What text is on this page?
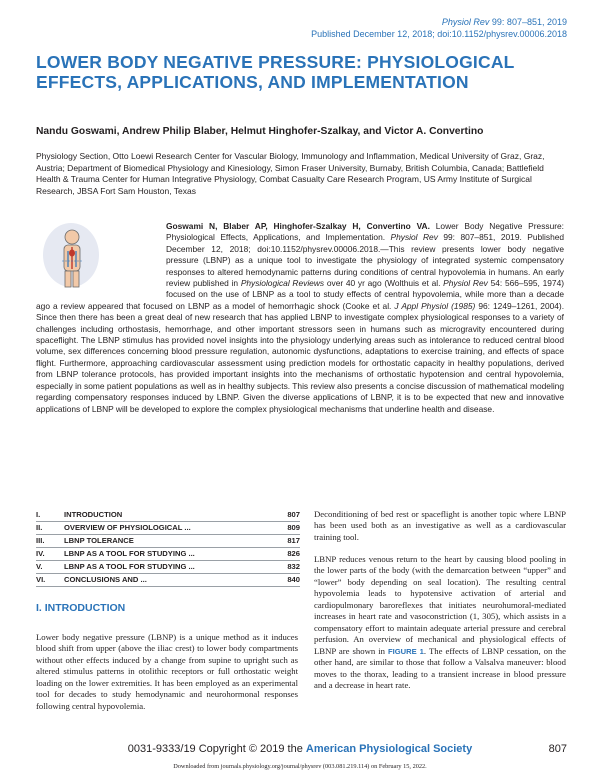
Physiol Rev 99: 807–851, 2019
Published December 12, 2018; doi:10.1152/physrev.00006.2018
LOWER BODY NEGATIVE PRESSURE: PHYSIOLOGICAL EFFECTS, APPLICATIONS, AND IMPLEMENTATION
Nandu Goswami, Andrew Philip Blaber, Helmut Hinghofer-Szalkay, and Victor A. Convertino
Physiology Section, Otto Loewi Research Center for Vascular Biology, Immunology and Inflammation, Medical University of Graz, Graz, Austria; Department of Biomedical Physiology and Kinesiology, Simon Fraser University, Burnaby, British Columbia, Canada; Battlefield Health & Trauma Center for Human Integrative Physiology, Combat Casualty Care Research Program, US Army Institute of Surgical Research, JBSA Fort Sam Houston, Texas
Goswami N, Blaber AP, Hinghofer-Szalkay H, Convertino VA. Lower Body Negative Pressure: Physiological Effects, Applications, and Implementation. Physiol Rev 99: 807–851, 2019. Published December 12, 2018; doi:10.1152/physrev.00006.2018.—This review presents lower body negative pressure (LBNP) as a unique tool to investigate the physiology of integrated systemic compensatory responses to altered hemodynamic patterns during conditions of central hypovolemia in humans. An early review published in Physiological Reviews over 40 yr ago (Wolthuis et al. Physiol Rev 54: 566–595, 1974) focused on the use of LBNP as a tool to study effects of central hypovolemia, while more than a decade ago a review appeared that focused on LBNP as a model of hemorrhagic shock (Cooke et al. J Appl Physiol (1985) 96: 1249–1261, 2004). Since then there has been a great deal of new research that has applied LBNP to investigate complex physiological responses to a variety of challenges including orthostasis, hemorrhage, and other important stressors seen in humans such as microgravity encountered during spaceflight. The LBNP stimulus has provided novel insights into the physiology underlying areas such as intolerance to reduced central blood volume, sex differences concerning blood pressure regulation, autonomic dysfunctions, adaptations to exercise training, and effects of space flight. Furthermore, approaching cardiovascular assessment using prediction models for orthostatic capacity in healthy populations, derived from LBNP tolerance protocols, has provided important insights into the mechanisms of orthostatic hypotension and central hypovolemia, especially in some patient populations as well as in healthy subjects. This review also presents a concise discussion of mathematical modeling regarding compensatory responses induced by LBNP. Given the diverse applications of LBNP, it is to be expected that new and innovative applications of LBNP will be developed to explore the complex physiological mechanisms that underline health and disease.
I.	INTRODUCTION	807
II.	OVERVIEW OF PHYSIOLOGICAL ...	809
III.	LBNP TOLERANCE	817
IV.	LBNP AS A TOOL FOR STUDYING ...	826
V.	LBNP AS A TOOL FOR STUDYING ...	832
VI.	CONCLUSIONS AND ...	840
I. INTRODUCTION
Lower body negative pressure (LBNP) is a unique method as it induces blood shift from upper (above the iliac crest) to lower body compartments without other effects induced by a change from supine to upright such as altered stimulus patterns in otolithic receptors or full orthostatic weight loading on the lower extremities. It has been employed as an experimental tool for decades to study hemodynamic and neurohormonal responses following central hypovolemia.
Deconditioning of bed rest or spaceflight is another topic where LBNP has been used both as an investigative as well as a cardiovascular training tool.
LBNP reduces venous return to the heart by causing blood pooling in the lower parts of the body (with the demarcation between “upper” and “lower” body depending on seal location). The resulting central hypovolemia leads to hypotensive activation of arterial and cardiopulmonary baroreflexes that initiates neurohumoral-mediated increases in heart rate and vasoconstriction (1, 305), which assists in a compensatory effort to maintain adequate arterial pressure and cerebral perfusion. An overview of mechanical and physiological effects of LBNP are shown in FIGURE 1. The effects of LBNP cessation, on the other hand, are similar to those that follow a Valsalva maneuver: blood moves to the thorax, leading to a transient increase in blood pressure and a decrease in heart rate.
0031-9333/19 Copyright © 2019 the American Physiological Society	807
Downloaded from journals.physiology.org/journal/physrev (003.081.219.114) on February 15, 2022.
